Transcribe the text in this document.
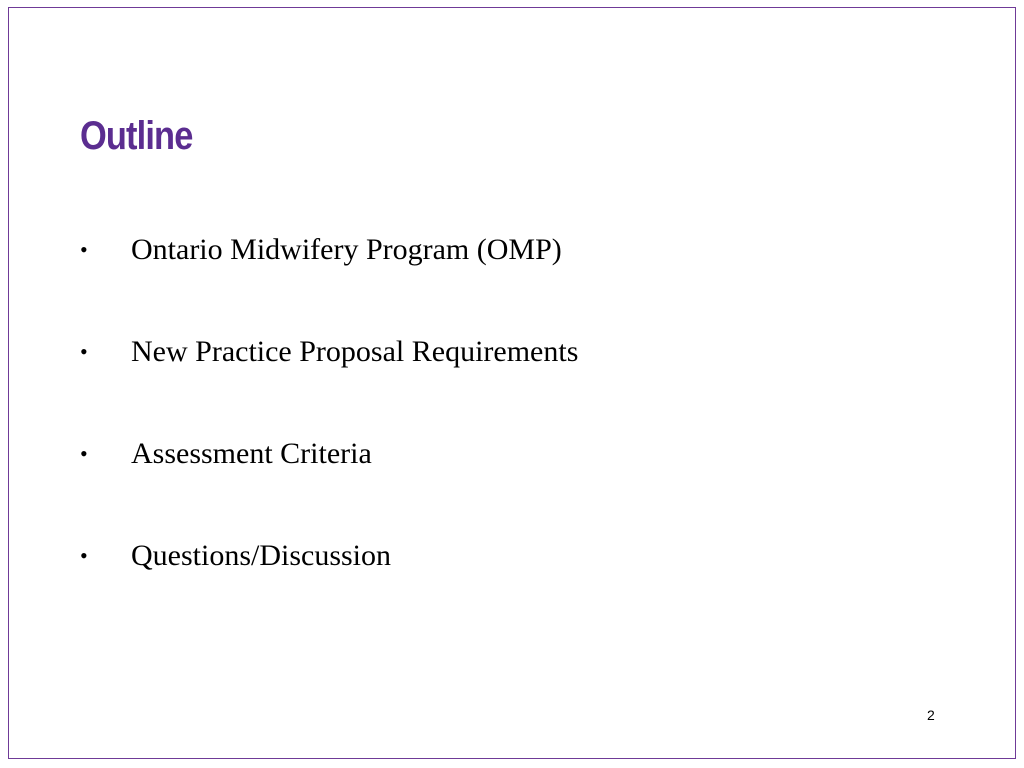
Outline
•	Ontario Midwifery Program (OMP)
•	New Practice Proposal Requirements
•	Assessment Criteria
•	Questions/Discussion
2
